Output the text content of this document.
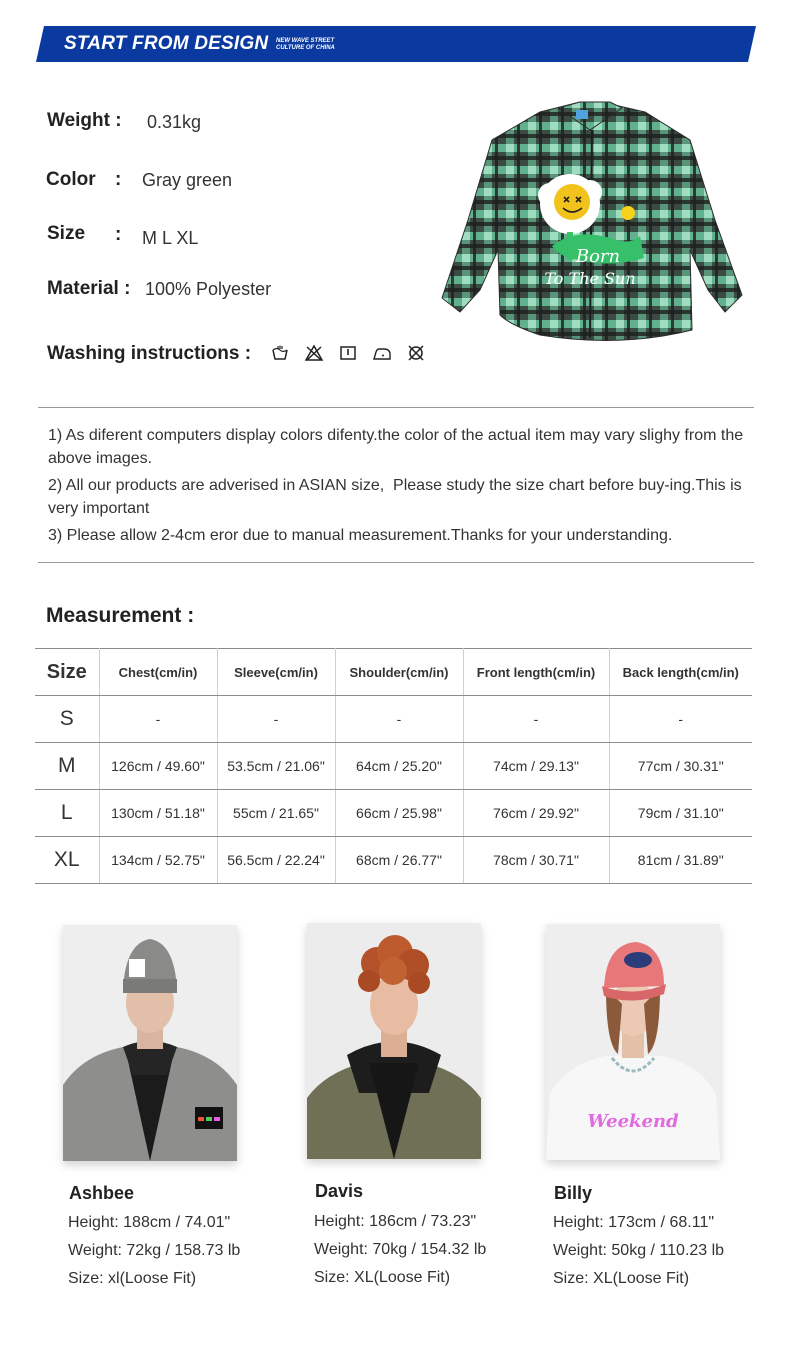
START FROM DESIGN NEW WAVE STREET
CULTURE OF CHINA
Weight : 0.31kg
Color : Gray green
Size : M L XL
Material : 100% Polyester
Washing instructions :
Born
To The Sun
1) As diferent computers display colors difenty.the color of the actual item may vary slighy from the above images.
2) All our products are adverised in ASIAN size,  Please study the size chart before buy-ing.This is very important
3) Please allow 2-4cm eror due to manual measurement.Thanks for your understanding.
Measurement :
Size	Chest(cm/in)	Sleeve(cm/in)	Shoulder(cm/in)	Front length(cm/in)	Back length(cm/in)
S	-	-	-	-	-
M	126cm / 49.60"	53.5cm / 21.06"	64cm / 25.20"	74cm / 29.13"	77cm / 30.31"
L	130cm / 51.18"	55cm / 21.65"	66cm / 25.98"	76cm / 29.92"	79cm / 31.10"
XL	134cm / 52.75"	56.5cm / 22.24"	68cm / 26.77"	78cm / 30.71"	81cm / 31.89"
Ashbee
Height: 188cm / 74.01"
Weight: 72kg / 158.73 lb
Size: xl(Loose Fit)
Davis
Height: 186cm / 73.23"
Weight: 70kg / 154.32 lb
Size: XL(Loose Fit)
Weekend
Billy
Height: 173cm / 68.11"
Weight: 50kg / 110.23 lb
Size: XL(Loose Fit)
